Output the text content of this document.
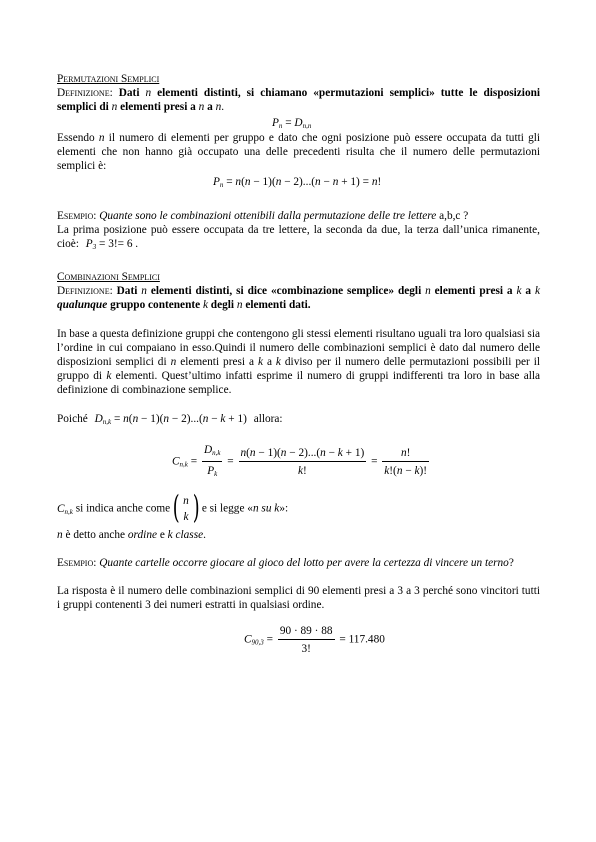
Permutazioni Semplici
Definizione: Dati n elementi distinti, si chiamano «permutazioni semplici» tutte le disposizioni semplici di n elementi presi a n a n.
$P_n = D_{n,n}$
Essendo n il numero di elementi per gruppo e dato che ogni posizione può essere occupata da tutti gli elementi che non hanno già occupato una delle precedenti risulta che il numero delle permutazioni semplici è:
$P_n = n(n - 1)(n - 2)...(n - n + 1) = n$!
Esempio: Quante sono le combinazioni ottenibili dalla permutazione delle tre lettere a,b,c ?
La prima posizione può essere occupata da tre lettere, la seconda da due, la terza dall’unica rimanente, cioè: $P_3 = 3!= 6$ .
Combinazioni Semplici
Definizione: Dati n elementi distinti, si dice «combinazione semplice» degli n elementi presi a k a k qualunque gruppo contenente k degli n elementi dati.
In base a questa definizione gruppi che contengono gli stessi elementi risultano uguali tra loro qualsiasi sia l’ordine in cui compaiano in esso.Quindi il numero delle combinazioni semplici è dato dal numero delle disposizioni semplici di n elementi presi a k a k diviso per il numero delle permutazioni possibili per il gruppo di k elementi. Quest’ultimo infatti esprime il numero di gruppi indifferenti tra loro in base alla definizione di combinazione semplice.
Poiché $D_{n,k} = n(n - 1)(n - 2)...(n - k + 1)$ allora:
$C_{n,k} = \frac{D_{n,k}}{P_k} = \frac{n(n - 1)(n - 2)...(n - k + 1)}{k!} = \frac{n!}{k!(n - k)!}$
$C_{n,k}$ si indica anche come ( n
k ) e si legge «n su k»:
n è detto anche ordine e k classe.
Esempio: Quante cartelle occorre giocare al gioco del lotto per avere la certezza di vincere un terno?
La risposta è il numero delle combinazioni semplici di 90 elementi presi a 3 a 3 perché sono vincitori tutti i gruppi contenenti 3 dei numeri estratti in qualsiasi ordine.
$C_{90,3} = \frac{90 \cdot 89 \cdot 88}{3!} = 117.480$
